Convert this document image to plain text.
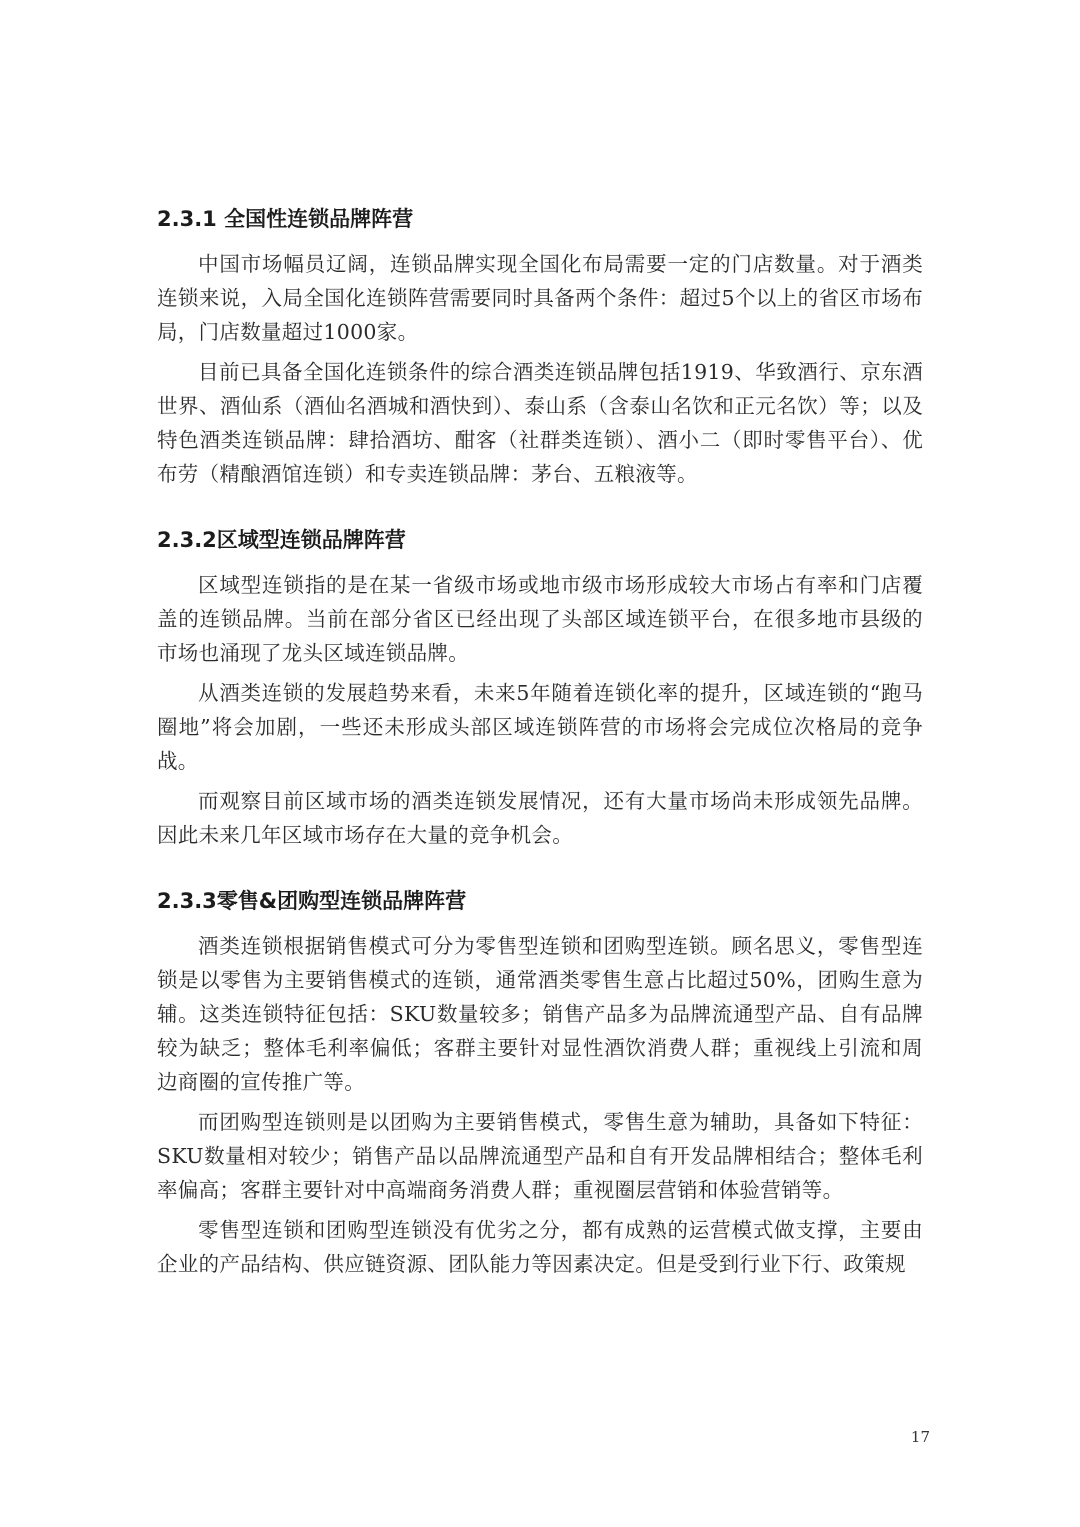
2.3.1 全国性连锁品牌阵营

中国市场幅员辽阔，连锁品牌实现全国化布局需要一定的门店数量。对于酒类连锁来说，入局全国化连锁阵营需要同时具备两个条件：超过5个以上的省区市场布局，门店数量超过1000家。

目前已具备全国化连锁条件的综合酒类连锁品牌包括1919、华致酒行、京东酒世界、酒仙系（酒仙名酒城和酒快到）、泰山系（含泰山名饮和正元名饮）等；以及特色酒类连锁品牌：肆拾酒坊、酣客（社群类连锁）、酒小二（即时零售平台）、优布劳（精酿酒馆连锁）和专卖连锁品牌：茅台、五粮液等。

2.3.2区域型连锁品牌阵营

区域型连锁指的是在某一省级市场或地市级市场形成较大市场占有率和门店覆盖的连锁品牌。当前在部分省区已经出现了头部区域连锁平台，在很多地市县级的市场也涌现了龙头区域连锁品牌。

从酒类连锁的发展趋势来看，未来5年随着连锁化率的提升，区域连锁的“跑马圈地”将会加剧，一些还未形成头部区域连锁阵营的市场将会完成位次格局的竞争战。

而观察目前区域市场的酒类连锁发展情况，还有大量市场尚未形成领先品牌。因此未来几年区域市场存在大量的竞争机会。

2.3.3零售&团购型连锁品牌阵营

酒类连锁根据销售模式可分为零售型连锁和团购型连锁。顾名思义，零售型连锁是以零售为主要销售模式的连锁，通常酒类零售生意占比超过50%，团购生意为辅。这类连锁特征包括：SKU数量较多；销售产品多为品牌流通型产品、自有品牌较为缺乏；整体毛利率偏低；客群主要针对显性酒饮消费人群；重视线上引流和周边商圈的宣传推广等。

而团购型连锁则是以团购为主要销售模式，零售生意为辅助，具备如下特征：SKU数量相对较少；销售产品以品牌流通型产品和自有开发品牌相结合；整体毛利率偏高；客群主要针对中高端商务消费人群；重视圈层营销和体验营销等。

零售型连锁和团购型连锁没有优劣之分，都有成熟的运营模式做支撑，主要由企业的产品结构、供应链资源、团队能力等因素决定。但是受到行业下行、政策规

17
